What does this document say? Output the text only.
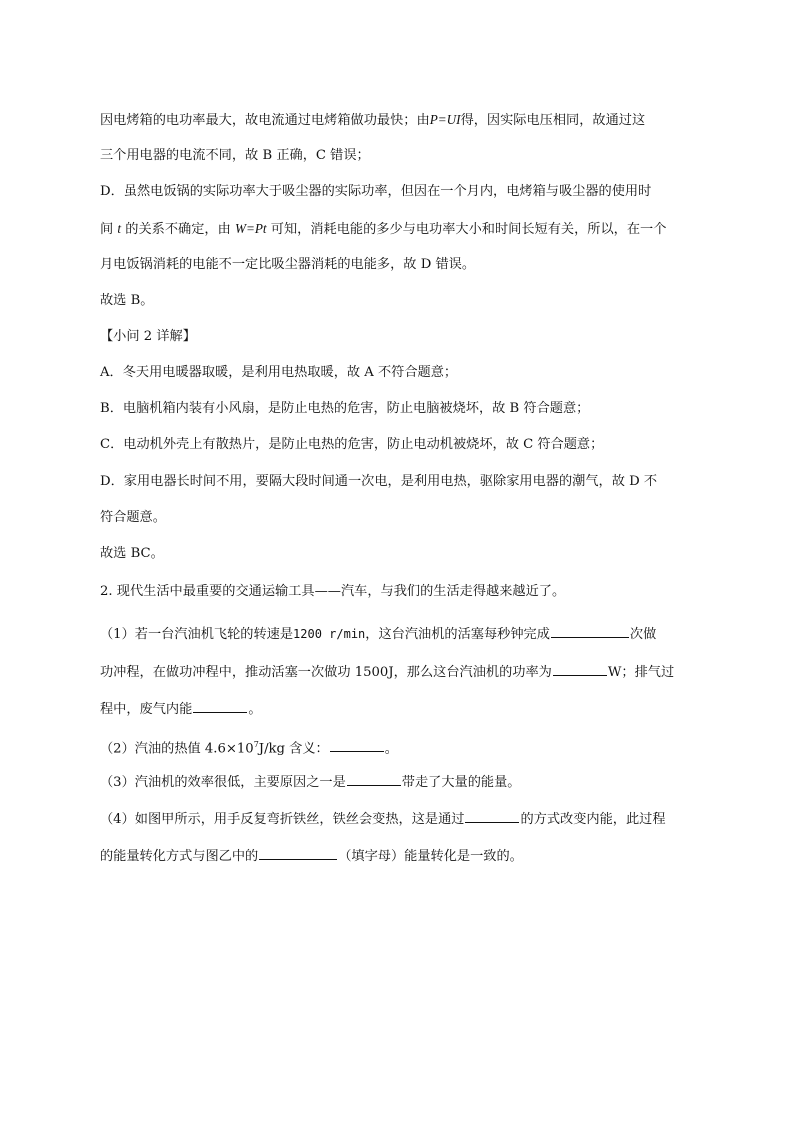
因电烤箱的电功率最大，故电流通过电烤箱做功最快；由P=UI得，因实际电压相同，故通过这
三个用电器的电流不同，故 B 正确，C 错误；
D．虽然电饭锅的实际功率大于吸尘器的实际功率，但因在一个月内，电烤箱与吸尘器的使用时
间 t 的关系不确定，由 W=Pt 可知，消耗电能的多少与电功率大小和时间长短有关，所以，在一个
月电饭锅消耗的电能不一定比吸尘器消耗的电能多，故 D 错误。
故选 B。
【小问 2 详解】
A．冬天用电暖器取暖，是利用电热取暖，故 A 不符合题意；
B．电脑机箱内装有小风扇，是防止电热的危害，防止电脑被烧坏，故 B 符合题意；
C．电动机外壳上有散热片，是防止电热的危害，防止电动机被烧坏，故 C 符合题意；
D．家用电器长时间不用，要隔大段时间通一次电，是利用电热，驱除家用电器的潮气，故 D 不
符合题意。
故选 BC。
2. 现代生活中最重要的交通运输工具——汽车，与我们的生活走得越来越近了。
（1）若一台汽油机飞轮的转速是1200 r/min，这台汽油机的活塞每秒钟完成	次做
功冲程，在做功冲程中，推动活塞一次做功 1500J，那么这台汽油机的功率为	W；排气过
程中，废气内能	。
（2）汽油的热值 $4.6\times 10^7J/kg$ 含义：	。
（3）汽油机的效率很低，主要原因之一是	带走了大量的能量。
（4）如图甲所示，用手反复弯折铁丝，铁丝会变热，这是通过	的方式改变内能，此过程
的能量转化方式与图乙中的	（填字母）能量转化是一致的。
